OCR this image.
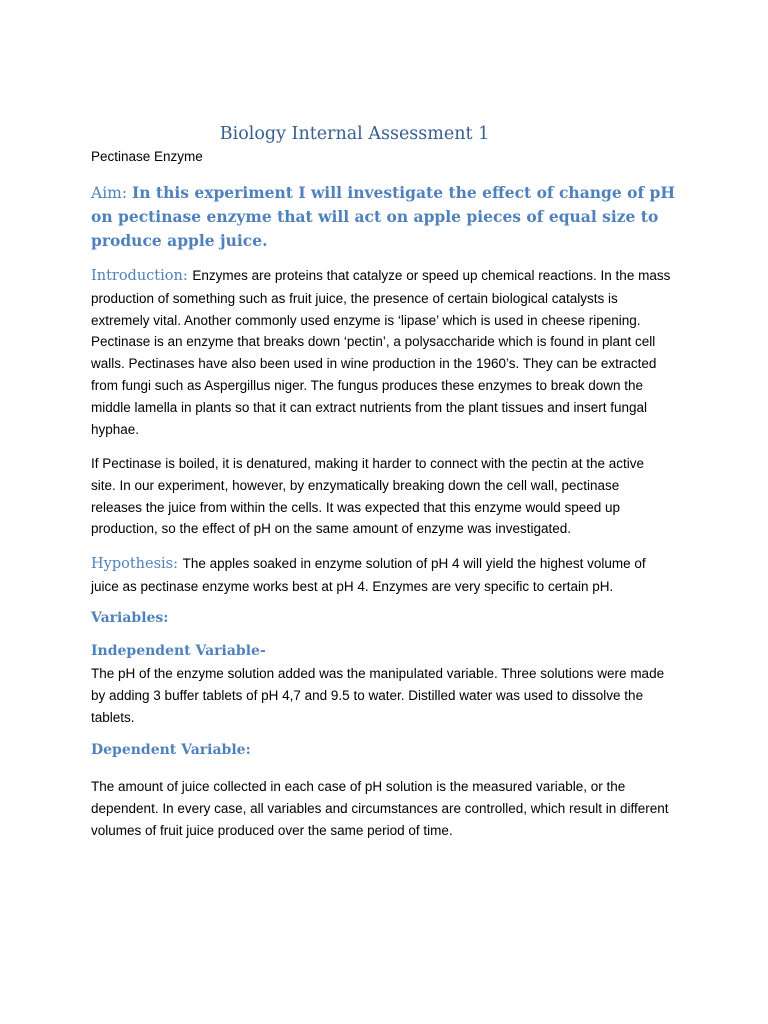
Biology Internal Assessment 1

Pectinase Enzyme

Aim: In this experiment I will investigate the effect of change of pH on pectinase enzyme that will act on apple pieces of equal size to produce apple juice.

Introduction: Enzymes are proteins that catalyze or speed up chemical reactions. In the mass production of something such as fruit juice, the presence of certain biological catalysts is extremely vital. Another commonly used enzyme is ‘lipase’ which is used in cheese ripening. Pectinase is an enzyme that breaks down ‘pectin’, a polysaccharide which is found in plant cell walls. Pectinases have also been used in wine production in the 1960’s. They can be extracted from fungi such as Aspergillus niger. The fungus produces these enzymes to break down the middle lamella in plants so that it can extract nutrients from the plant tissues and insert fungal hyphae.

If Pectinase is boiled, it is denatured, making it harder to connect with the pectin at the active site. In our experiment, however, by enzymatically breaking down the cell wall, pectinase releases the juice from within the cells. It was expected that this enzyme would speed up production, so the effect of pH on the same amount of enzyme was investigated.

Hypothesis: The apples soaked in enzyme solution of pH 4 will yield the highest volume of juice as pectinase enzyme works best at pH 4. Enzymes are very specific to certain pH.

Variables:
Independent Variable-

The pH of the enzyme solution added was the manipulated variable. Three solutions were made by adding 3 buffer tablets of pH 4,7 and 9.5 to water. Distilled water was used to dissolve the tablets.

Dependent Variable:

The amount of juice collected in each case of pH solution is the measured variable, or the dependent. In every case, all variables and circumstances are controlled, which result in different volumes of fruit juice produced over the same period of time.
